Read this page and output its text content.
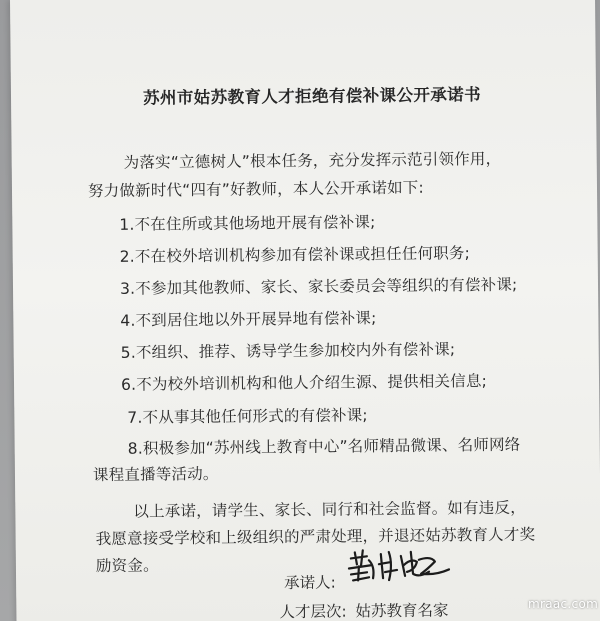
苏州市姑苏教育人才拒绝有偿补课公开承诺书
为落实“立德树人”根本任务，充分发挥示范引领作用，
努力做新时代“四有”好教师，本人公开承诺如下:
1.不在住所或其他场地开展有偿补课;
2.不在校外培训机构参加有偿补课或担任任何职务;
3.不参加其他教师、家长、家长委员会等组织的有偿补课;
4.不到居住地以外开展异地有偿补课;
5.不组织、推荐、诱导学生参加校内外有偿补课;
6.不为校外培训机构和他人介绍生源、提供相关信息;
7.不从事其他任何形式的有偿补课;
8.积极参加“苏州线上教育中心”名师精品微课、名师网络
课程直播等活动。
以上承诺，请学生、家长、同行和社会监督。如有违反，
我愿意接受学校和上级组织的严肃处理，并退还姑苏教育人才奖
励资金。
承诺人:
人才层次: 姑苏教育名家	mraac.com
